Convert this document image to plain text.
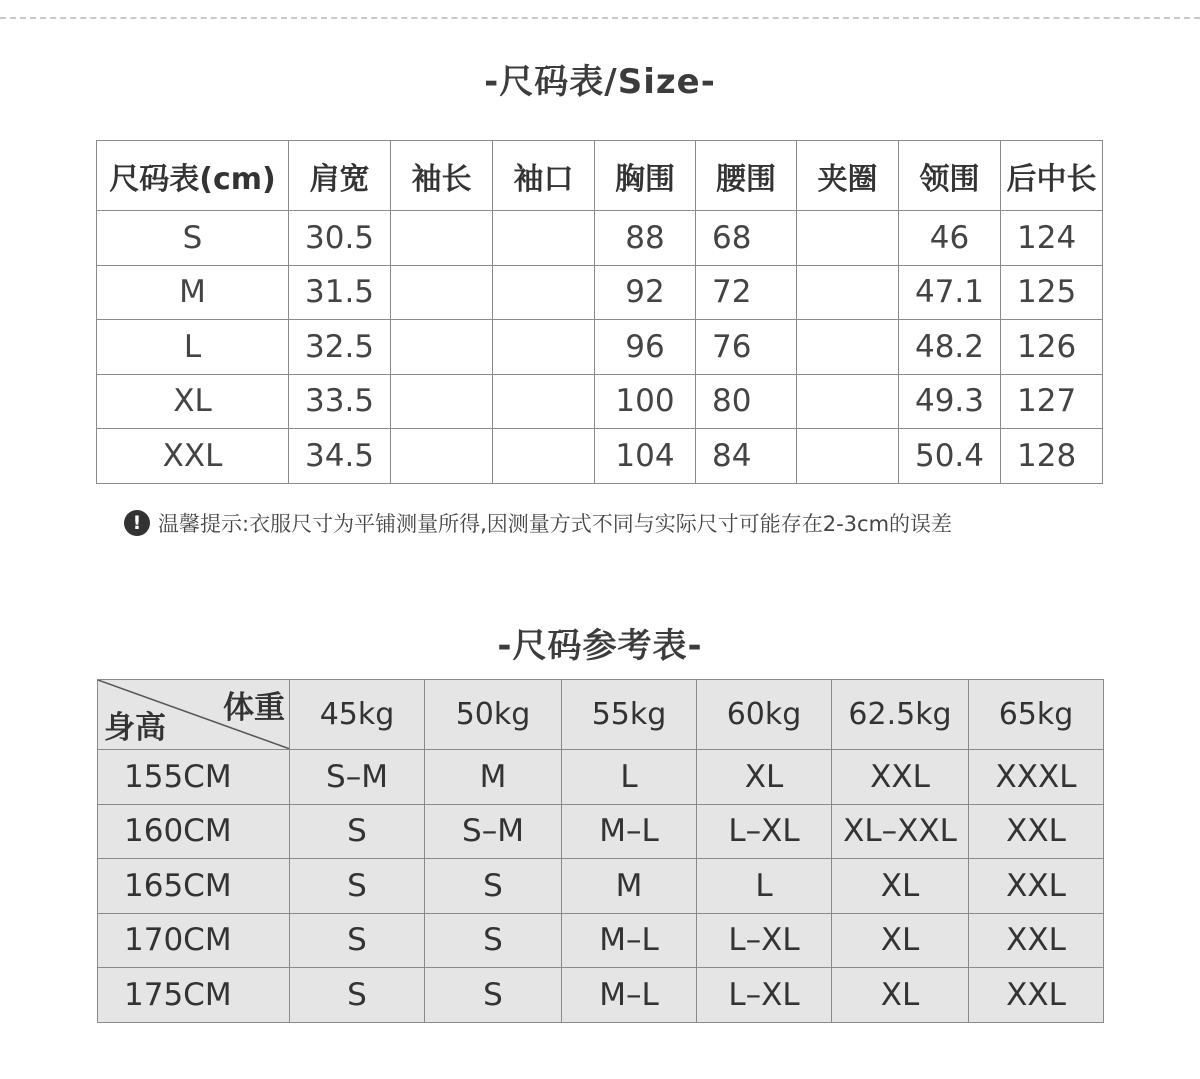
-尺码表/Size-
尺码表(cm)	肩宽	袖长	袖口	胸围	腰围	夹圈	领围	后中长
S	30.5			88	68		46	124
M	31.5			92	72		47.1	125
L	32.5			96	76		48.2	126
XL	33.5			100	80		49.3	127
XXL	34.5			104	84		50.4	128
! 温馨提示:衣服尺寸为平铺测量所得,因测量方式不同与实际尺寸可能存在2-3cm的误差
-尺码参考表-
体重
身高	45kg	50kg	55kg	60kg	62.5kg	65kg
155CM	S–M	M	L	XL	XXL	XXXL
160CM	S	S–M	M–L	L–XL	XL–XXL	XXL
165CM	S	S	M	L	XL	XXL
170CM	S	S	M–L	L–XL	XL	XXL
175CM	S	S	M–L	L–XL	XL	XXL
